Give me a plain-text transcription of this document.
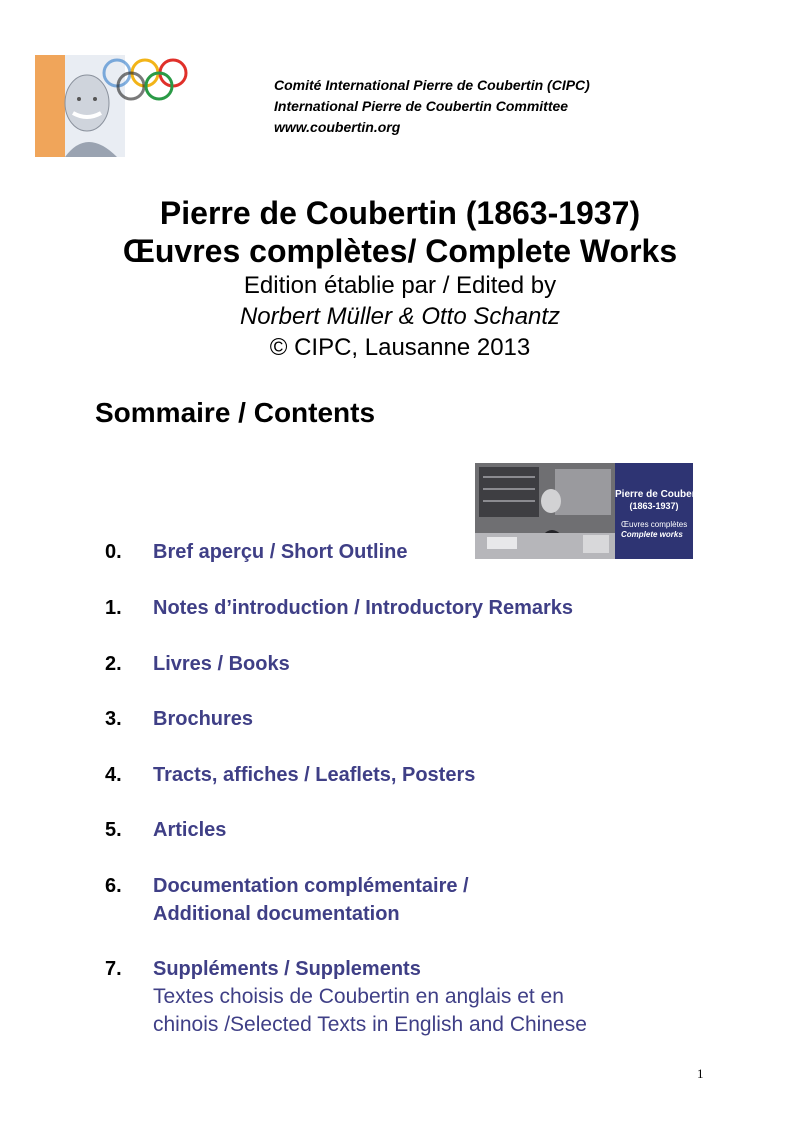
Comité International Pierre de Coubertin (CIPC)
International Pierre de Coubertin Committee
www.coubertin.org
Pierre de Coubertin (1863-1937)
Œuvres complètes/ Complete Works
Edition établie par / Edited by
Norbert Müller & Otto Schantz
© CIPC, Lausanne 2013
Sommaire / Contents
Pierre de Coubertin
(1863-1937)
Œuvres complètes
Complete works
0. Bref aperçu / Short Outline
1. Notes d’introduction / Introductory Remarks
2. Livres / Books
3. Brochures
4. Tracts, affiches / Leaflets, Posters
5. Articles
6. Documentation complémentaire /
Additional documentation
7. Suppléments / Supplements
Textes choisis de Coubertin en anglais et en
chinois /Selected Texts in English and Chinese
1
